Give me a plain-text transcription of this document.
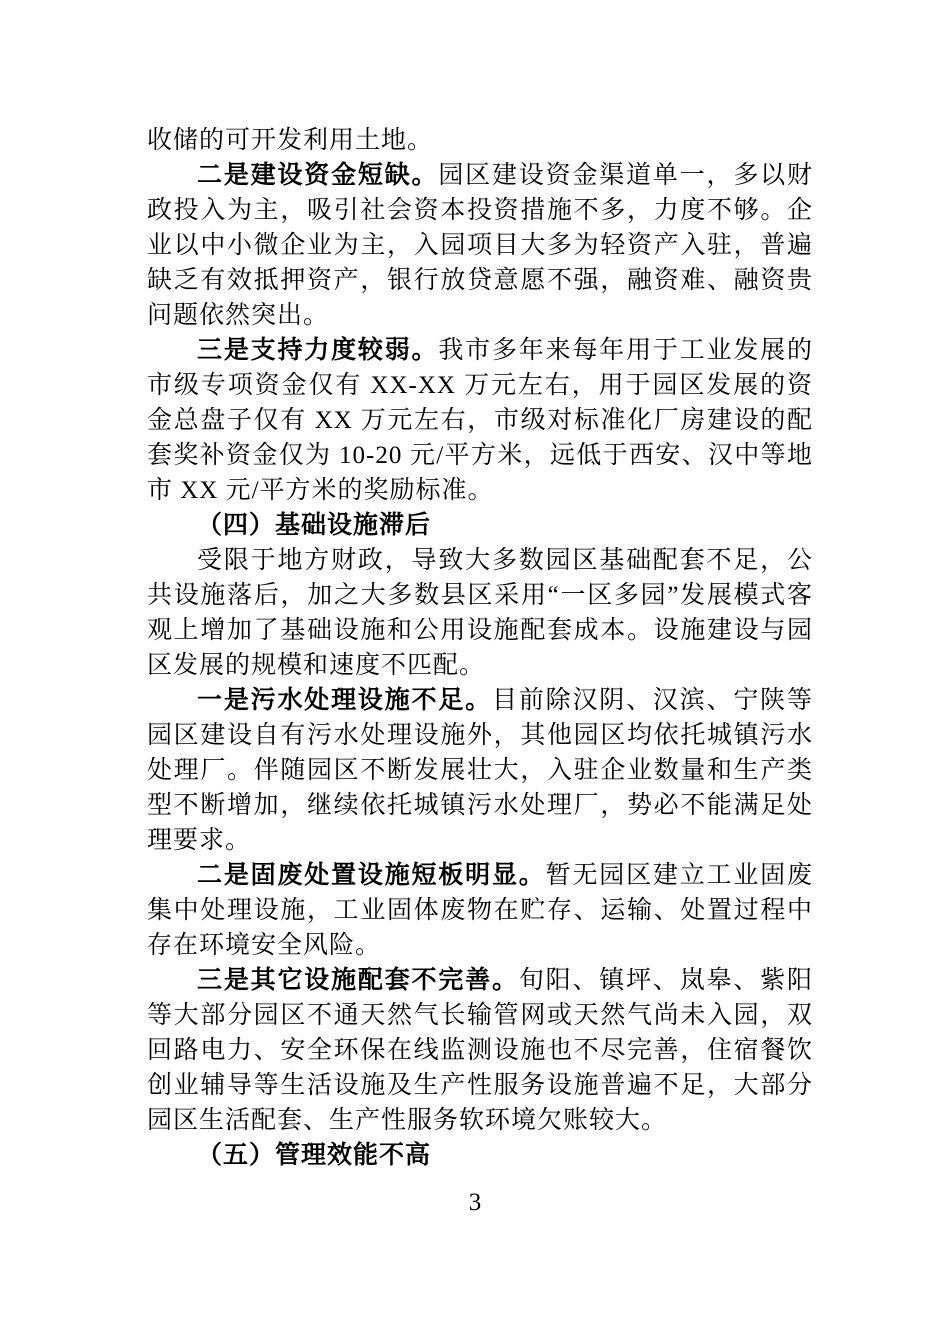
收储的可开发利用土地。

二是建设资金短缺。园区建设资金渠道单一，多以财政投入为主，吸引社会资本投资措施不多，力度不够。企业以中小微企业为主，入园项目大多为轻资产入驻，普遍缺乏有效抵押资产，银行放贷意愿不强，融资难、融资贵问题依然突出。

三是支持力度较弱。我市多年来每年用于工业发展的市级专项资金仅有 XX-XX 万元左右，用于园区发展的资金总盘子仅有 XX 万元左右，市级对标准化厂房建设的配套奖补资金仅为 10-20 元/平方米，远低于西安、汉中等地市 XX 元/平方米的奖励标准。

（四）基础设施滞后

受限于地方财政，导致大多数园区基础配套不足，公共设施落后，加之大多数县区采用“一区多园”发展模式客观上增加了基础设施和公用设施配套成本。设施建设与园区发展的规模和速度不匹配。

一是污水处理设施不足。目前除汉阴、汉滨、宁陕等园区建设自有污水处理设施外，其他园区均依托城镇污水处理厂。伴随园区不断发展壮大，入驻企业数量和生产类型不断增加，继续依托城镇污水处理厂，势必不能满足处理要求。

二是固废处置设施短板明显。暂无园区建立工业固废集中处理设施，工业固体废物在贮存、运输、处置过程中存在环境安全风险。

三是其它设施配套不完善。旬阳、镇坪、岚皋、紫阳等大部分园区不通天然气长输管网或天然气尚未入园，双回路电力、安全环保在线监测设施也不尽完善，住宿餐饮创业辅导等生活设施及生产性服务设施普遍不足，大部分园区生活配套、生产性服务软环境欠账较大。

（五）管理效能不高

3
